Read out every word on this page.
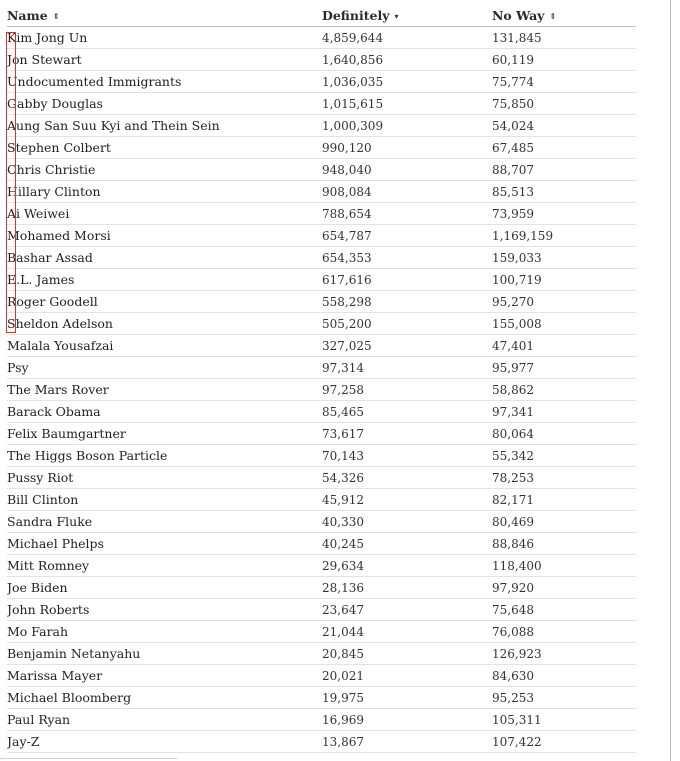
Name ⇕	Definitely ▾	No Way ⇕
Kim Jong Un	4,859,644	131,845
Jon Stewart	1,640,856	60,119
Undocumented Immigrants	1,036,035	75,774
Gabby Douglas	1,015,615	75,850
Aung San Suu Kyi and Thein Sein	1,000,309	54,024
Stephen Colbert	990,120	67,485
Chris Christie	948,040	88,707
Hillary Clinton	908,084	85,513
Ai Weiwei	788,654	73,959
Mohamed Morsi	654,787	1,169,159
Bashar Assad	654,353	159,033
E.L. James	617,616	100,719
Roger Goodell	558,298	95,270
Sheldon Adelson	505,200	155,008
Malala Yousafzai	327,025	47,401
Psy	97,314	95,977
The Mars Rover	97,258	58,862
Barack Obama	85,465	97,341
Felix Baumgartner	73,617	80,064
The Higgs Boson Particle	70,143	55,342
Pussy Riot	54,326	78,253
Bill Clinton	45,912	82,171
Sandra Fluke	40,330	80,469
Michael Phelps	40,245	88,846
Mitt Romney	29,634	118,400
Joe Biden	28,136	97,920
John Roberts	23,647	75,648
Mo Farah	21,044	76,088
Benjamin Netanyahu	20,845	126,923
Marissa Mayer	20,021	84,630
Michael Bloomberg	19,975	95,253
Paul Ryan	16,969	105,311
Jay-Z	13,867	107,422
